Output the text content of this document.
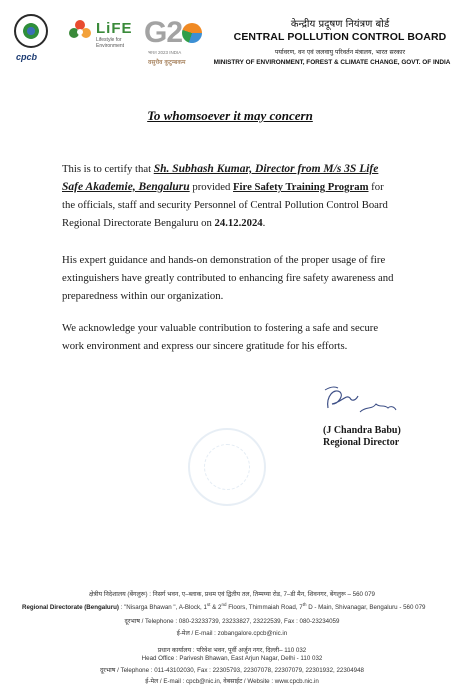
cpcb
LiFE
Lifestyle for Environment G2
भारत 2023 INDIA
वसुधैव कुटुम्बकम
केन्द्रीय प्रदूषण नियंत्रण बोर्ड
CENTRAL POLLUTION CONTROL BOARD
पर्यावरण, वन एवं जलवायु परिवर्तन मंत्रालय, भारत सरकार
MINISTRY OF ENVIRONMENT, FOREST & CLIMATE CHANGE, GOVT. OF INDIA
To whomsoever it may concern
This is to certify that Sh. Subhash Kumar, Director from M/s 3S Life Safe Akademie, Bengaluru provided Fire Safety Training Program for the officials, staff and security Personnel of Central Pollution Control Board Regional Directorate Bengaluru on 24.12.2024.
His expert guidance and hands-on demonstration of the proper usage of fire extinguishers have greatly contributed to enhancing fire safety awareness and preparedness within our organization.
We acknowledge your valuable contribution to fostering a safe and secure work environment and express our sincere gratitude for his efforts.
(J Chandra Babu)
Regional Director
क्षेत्रीय निदेशालय (बेंगलुरू) : निसर्ग भवन, ए–ब्लाक, प्रथम एवं द्वितीय तल, तिम्मय्या रोड, 7–डी मैन, शिवनगर, बेंगलुरू – 560 079
Regional Directorate (Bengaluru) : "Nisarga Bhawan ", A-Block, 1st & 2nd Floors, Thimmaiah Road, 7th D - Main, Shivanagar, Bengaluru - 560 079
दूरभाष / Telephone : 080-23233739, 23233827, 23222539, Fax : 080-23234059
ई-मेल / E-mail : zobangalore.cpcb@nic.in
प्रधान कार्यालय : परिवेश भवन, पूर्वी अर्जुन नगर, दिल्ली– 110 032
Head Office : Parivesh Bhawan, East Arjun Nagar, Delhi - 110 032
दूरभाष / Telephone : 011-43102030, Fax : 22305793, 22307078, 22307079, 22301932, 22304948
ई-मेल / E-mail : cpcb@nic.in, वेबसाईट / Website : www.cpcb.nic.in
